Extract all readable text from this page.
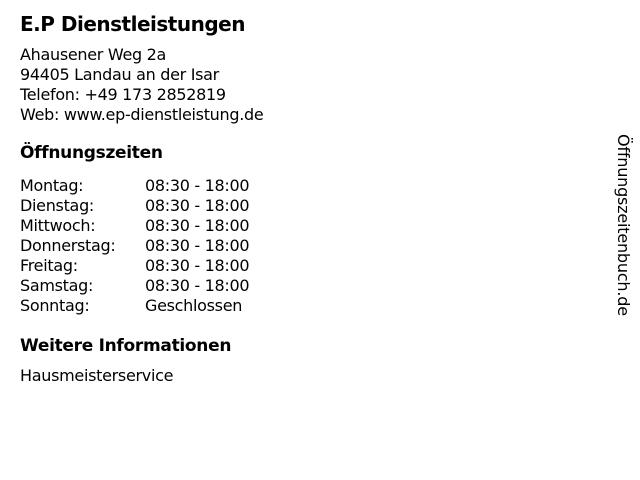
E.P Dienstleistungen
Ahausener Weg 2a
94405 Landau an der Isar
Telefon: +49 173 2852819
Web: www.ep-dienstleistung.de
Öffnungszeiten
Montag:	08:30 - 18:00
Dienstag:	08:30 - 18:00
Mittwoch:	08:30 - 18:00
Donnerstag:	08:30 - 18:00
Freitag:	08:30 - 18:00
Samstag:	08:30 - 18:00
Sonntag:	Geschlossen
Weitere Informationen
Hausmeisterservice
Öffnungszeitenbuch.de
